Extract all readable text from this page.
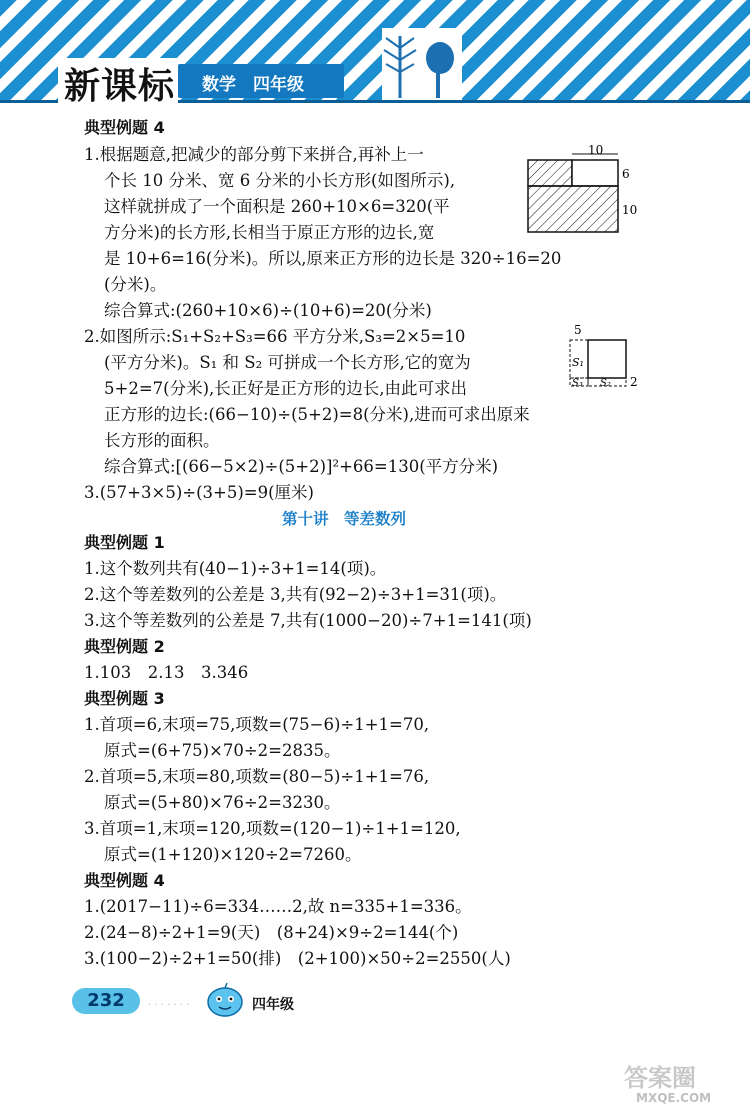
新课标 数学　四年级
典型例题 4
1.根据题意,把减少的部分剪下来拼合,再补上一
个长 10 分米、宽 6 分米的小长方形(如图所示),
这样就拼成了一个面积是 260+10×6=320(平
方分米)的长方形,长相当于原正方形的边长,宽
是 10+6=16(分米)。所以,原来正方形的边长是 320÷16=20
(分米)。
综合算式:(260+10×6)÷(10+6)=20(分米)
2.如图所示:S₁+S₂+S₃=66 平方分米,S₃=2×5=10
(平方分米)。S₁ 和 S₂ 可拼成一个长方形,它的宽为
5+2=7(分米),长正好是正方形的边长,由此可求出
正方形的边长:(66−10)÷(5+2)=8(分米),进而可求出原来
长方形的面积。
综合算式:[(66−5×2)÷(5+2)]²+66=130(平方分米)
3.(57+3×5)÷(3+5)=9(厘米)
第十讲　等差数列
典型例题 1
1.这个数列共有(40−1)÷3+1=14(项)。
2.这个等差数列的公差是 3,共有(92−2)÷3+1=31(项)。
3.这个等差数列的公差是 7,共有(1000−20)÷7+1=141(项)
典型例题 2
1.103　2.13　3.346
典型例题 3
1.首项=6,末项=75,项数=(75−6)÷1+1=70,
原式=(6+75)×70÷2=2835。
2.首项=5,末项=80,项数=(80−5)÷1+1=76,
原式=(5+80)×76÷2=3230。
3.首项=1,末项=120,项数=(120−1)÷1+1=120,
原式=(1+120)×120÷2=7260。
典型例题 4
1.(2017−11)÷6=334……2,故 n=335+1=336。
2.(24−8)÷2+1=9(天)　(8+24)×9÷2=144(个)
3.(100−2)÷2+1=50(排)　(2+100)×50÷2=2550(人)
10
6
10
5
S₁
S₃ S₂ 2
232	· · · · · · ·	四年级
答案圈
MXQE.COM
